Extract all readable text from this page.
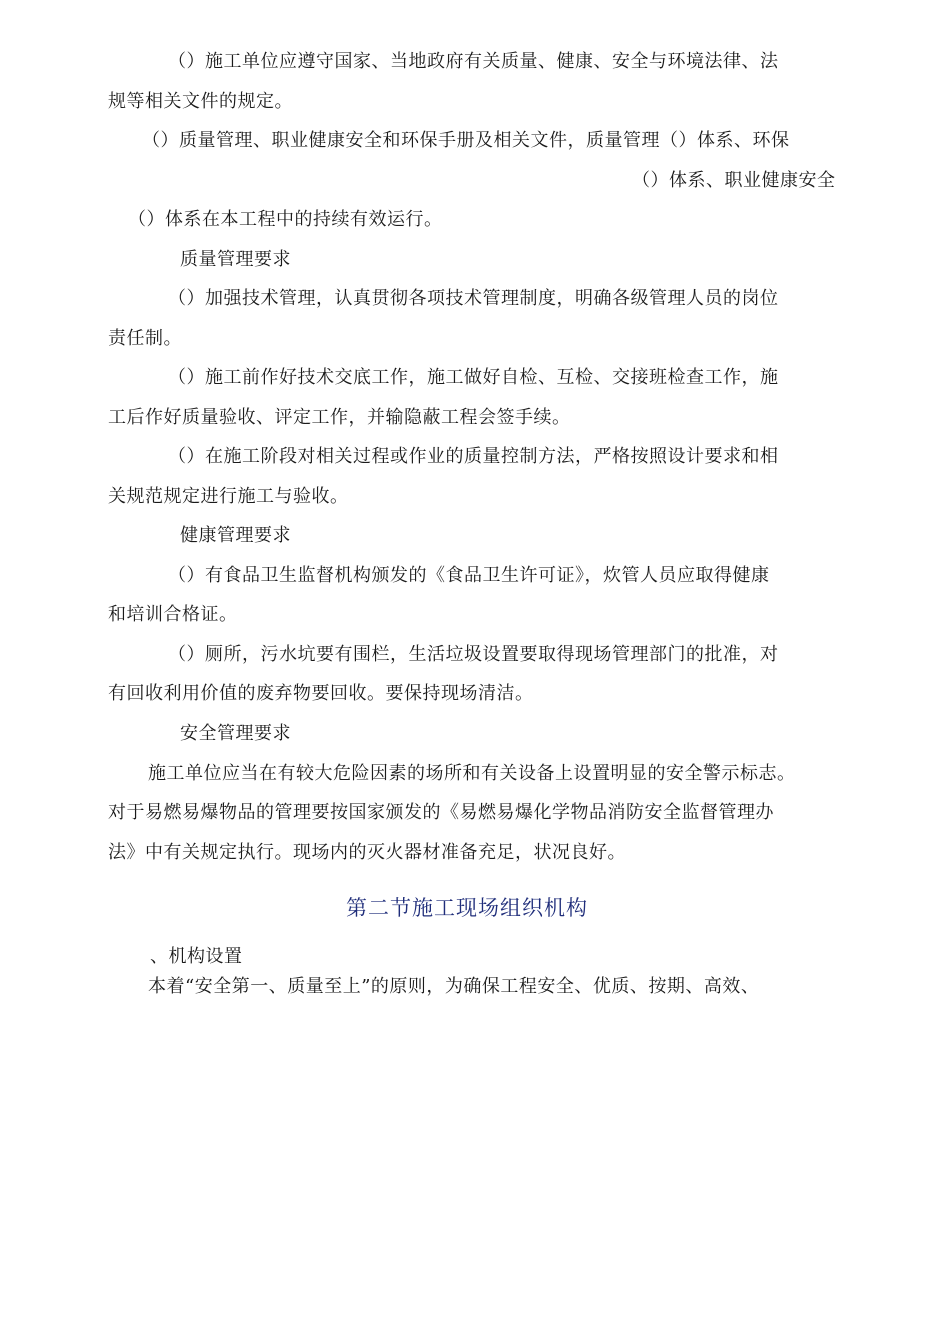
（）施工单位应遵守国家、当地政府有关质量、健康、安全与环境法律、法
规等相关文件的规定。
（）质量管理、职业健康安全和环保手册及相关文件，质量管理（）体系、环保
（）体系、职业健康安全
（）体系在本工程中的持续有效运行。
质量管理要求
（）加强技术管理，认真贯彻各项技术管理制度，明确各级管理人员的岗位
责任制。
（）施工前作好技术交底工作，施工做好自检、互检、交接班检查工作，施
工后作好质量验收、评定工作，并输隐蔽工程会签手续。
（）在施工阶段对相关过程或作业的质量控制方法，严格按照设计要求和相
关规范规定进行施工与验收。
健康管理要求
（）有食品卫生监督机构颁发的《食品卫生许可证》，炊管人员应取得健康
和培训合格证。
（）厕所，污水坑要有围栏，生活垃圾设置要取得现场管理部门的批准，对
有回收利用价值的废弃物要回收。要保持现场清洁。
安全管理要求
施工单位应当在有较大危险因素的场所和有关设备上设置明显的安全警示标志。
对于易燃易爆物品的管理要按国家颁发的《易燃易爆化学物品消防安全监督管理办
法》中有关规定执行。现场内的灭火器材准备充足，状况良好。
第二节施工现场组织机构
、机构设置
本着“安全第一、质量至上”的原则，为确保工程安全、优质、按期、高效、
